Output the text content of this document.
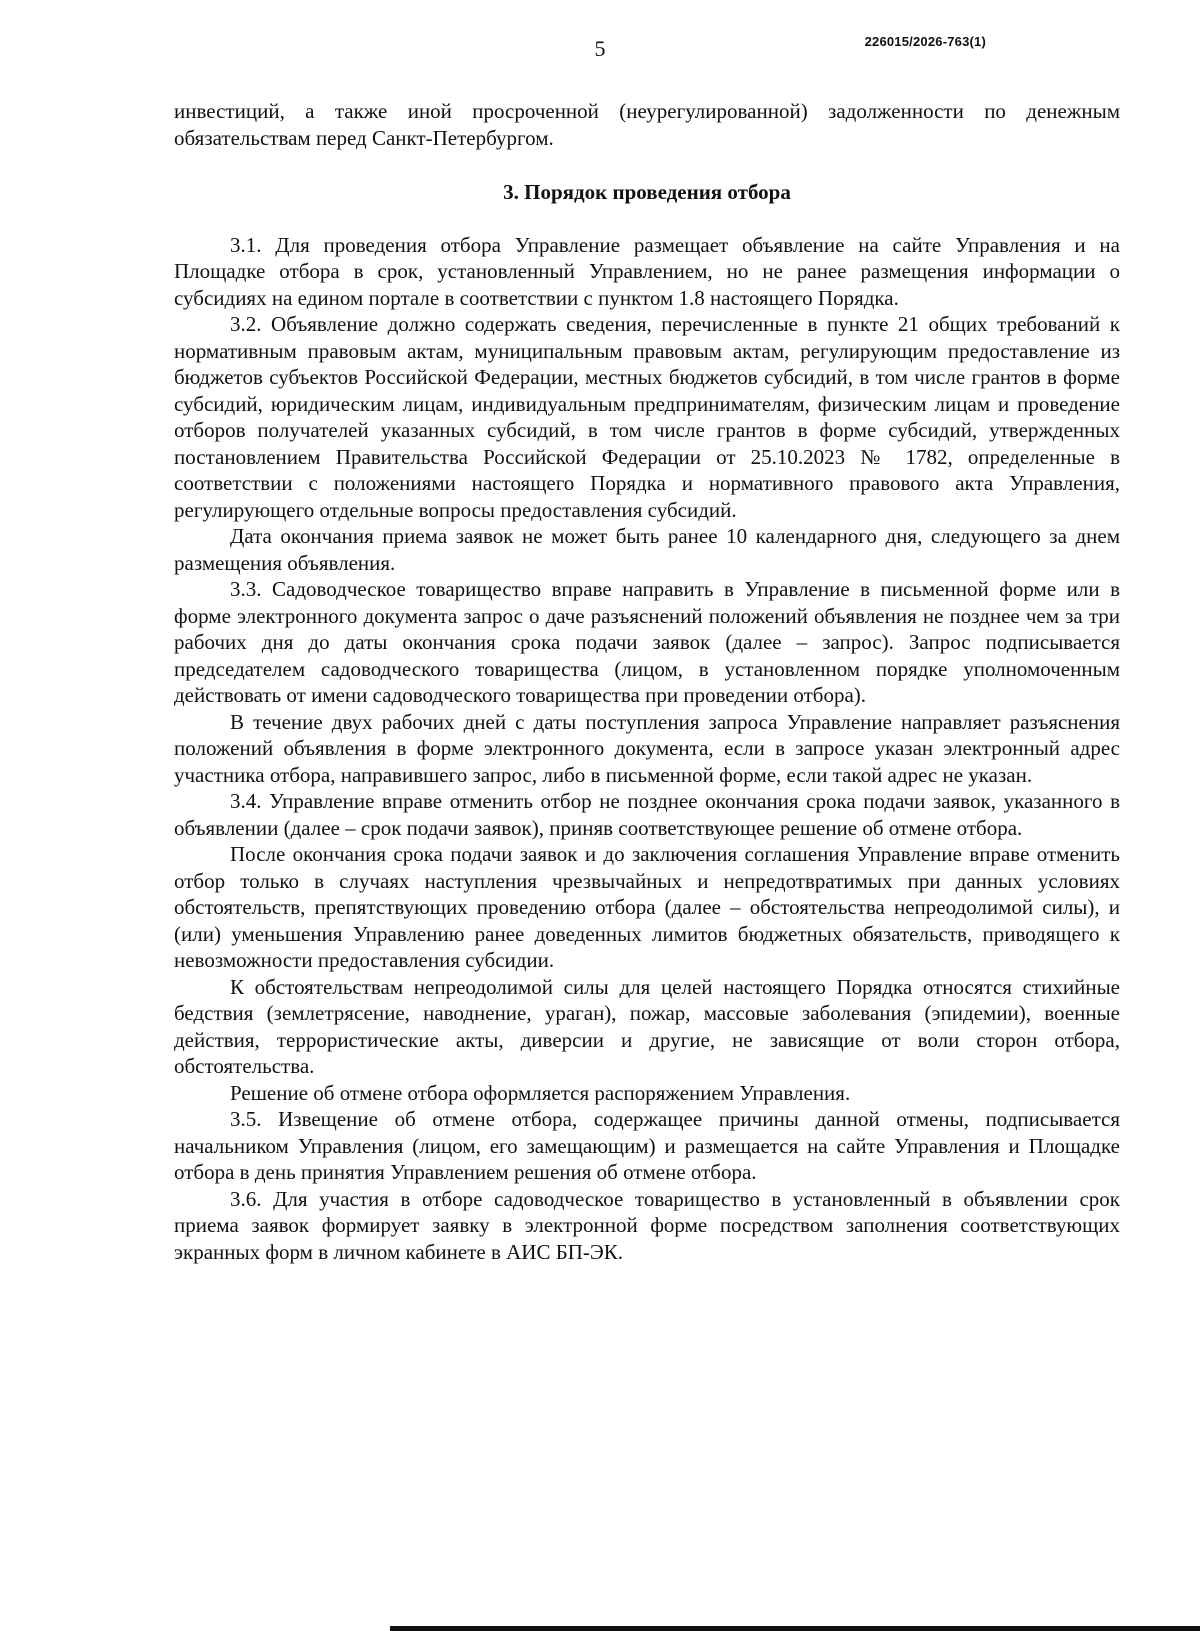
5	226015/2026-763(1)

инвестиций, а также иной просроченной (неурегулированной) задолженности по денежным обязательствам перед Санкт-Петербургом.

3. Порядок проведения отбора

3.1. Для проведения отбора Управление размещает объявление на сайте Управления и на Площадке отбора в срок, установленный Управлением, но не ранее размещения информации о субсидиях на едином портале в соответствии с пунктом 1.8 настоящего Порядка.

3.2. Объявление должно содержать сведения, перечисленные в пункте 21 общих требований к нормативным правовым актам, муниципальным правовым актам, регулирующим предоставление из бюджетов субъектов Российской Федерации, местных бюджетов субсидий, в том числе грантов в форме субсидий, юридическим лицам, индивидуальным предпринимателям, физическим лицам и проведение отборов получателей указанных субсидий, в том числе грантов в форме субсидий, утвержденных постановлением Правительства Российской Федерации от 25.10.2023 № 1782, определенные в соответствии с положениями настоящего Порядка и нормативного правового акта Управления, регулирующего отдельные вопросы предоставления субсидий.

Дата окончания приема заявок не может быть ранее 10 календарного дня, следующего за днем размещения объявления.

3.3. Садоводческое товарищество вправе направить в Управление в письменной форме или в форме электронного документа запрос о даче разъяснений положений объявления не позднее чем за три рабочих дня до даты окончания срока подачи заявок (далее – запрос). Запрос подписывается председателем садоводческого товарищества (лицом, в установленном порядке уполномоченным действовать от имени садоводческого товарищества при проведении отбора).

В течение двух рабочих дней с даты поступления запроса Управление направляет разъяснения положений объявления в форме электронного документа, если в запросе указан электронный адрес участника отбора, направившего запрос, либо в письменной форме, если такой адрес не указан.

3.4. Управление вправе отменить отбор не позднее окончания срока подачи заявок, указанного в объявлении (далее – срок подачи заявок), приняв соответствующее решение об отмене отбора.

После окончания срока подачи заявок и до заключения соглашения Управление вправе отменить отбор только в случаях наступления чрезвычайных и непредотвратимых при данных условиях обстоятельств, препятствующих проведению отбора (далее – обстоятельства непреодолимой силы), и (или) уменьшения Управлению ранее доведенных лимитов бюджетных обязательств, приводящего к невозможности предоставления субсидии.

К обстоятельствам непреодолимой силы для целей настоящего Порядка относятся стихийные бедствия (землетрясение, наводнение, ураган), пожар, массовые заболевания (эпидемии), военные действия, террористические акты, диверсии и другие, не зависящие от воли сторон отбора, обстоятельства.

Решение об отмене отбора оформляется распоряжением Управления.

3.5. Извещение об отмене отбора, содержащее причины данной отмены, подписывается начальником Управления (лицом, его замещающим) и размещается на сайте Управления и Площадке отбора в день принятия Управлением решения об отмене отбора.

3.6. Для участия в отборе садоводческое товарищество в установленный в объявлении срок приема заявок формирует заявку в электронной форме посредством заполнения соответствующих экранных форм в личном кабинете в АИС БП-ЭК.
